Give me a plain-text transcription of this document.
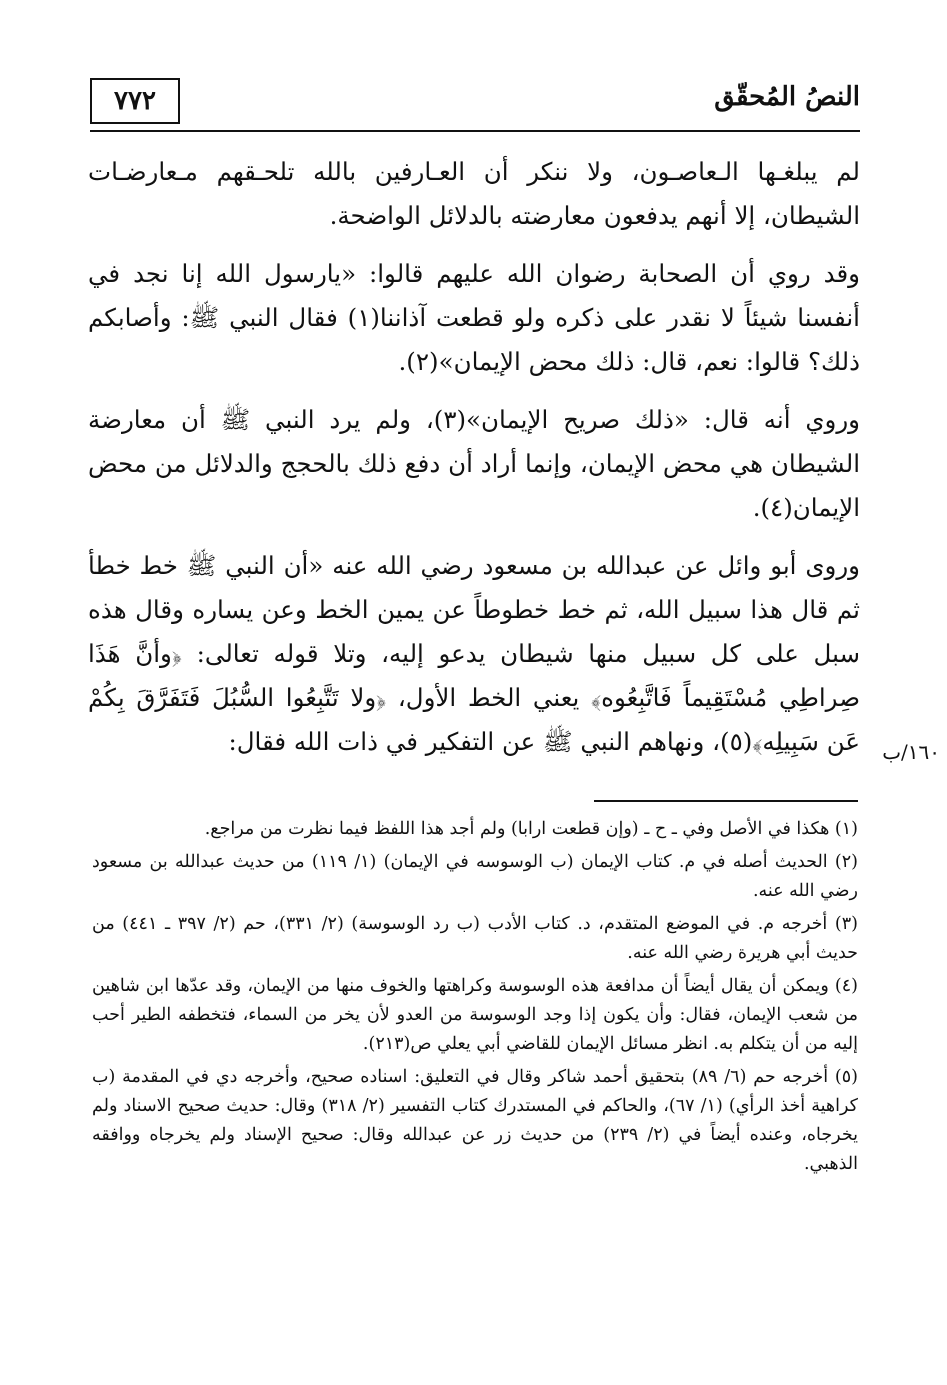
٧٧٢	النصُ المُحقّق

لم يبلغـها الـعاصـون، ولا ننكر أن العـارفين بالله تلحـقهم مـعارضـات الشيطان، إلا أنهم يدفعون معارضته بالدلائل الواضحة.

وقد روي أن الصحابة رضوان الله عليهم قالوا: «يارسول الله إنا نجد في أنفسنا شيئاً لا نقدر على ذكره ولو قطعت آذاننا(١) فقال النبي ﷺ: وأصابكم ذلك؟ قالوا: نعم، قال: ذلك محض الإيمان»(٢).

وروي أنه قال: «ذلك صريح الإيمان»(٣)، ولم يرد النبي ﷺ أن معارضة الشيطان هي محض الإيمان، وإنما أراد أن دفع ذلك بالحجج والدلائل من محض الإيمان(٤).

وروى أبو وائل عن عبدالله بن مسعود رضي الله عنه «أن النبي ﷺ خط خطأ ثم قال هذا سبيل الله، ثم خط خطوطاً عن يمين الخط وعن يساره وقال هذه سبل على كل سبيل منها شيطان يدعو إليه، وتلا قوله تعالى: ﴿وأنَّ هَذَا صِراطِي مُسْتَقِيماً فَاتَّبِعُوه﴾ يعني الخط الأول، ﴿ولا تَتَّبِعُوا السُّبُلَ فَتَفَرَّقَ بِكُمْ عَن سَبِيلِه﴾(٥)، ونهاهم النبي ﷺ عن التفكير في ذات الله فقال:	١٦٠/ب

(١) هكذا في الأصل وفي ـ ح ـ (وإن قطعت ارابا) ولم أجد هذا اللفظ فيما نظرت من مراجع.

(٢) الحديث أصله في م. كتاب الإيمان (ب الوسوسه في الإيمان) (١/ ١١٩) من حديث عبدالله بن مسعود رضي الله عنه.

(٣) أخرجه م. في الموضع المتقدم، د. كتاب الأدب (ب رد الوسوسة) (٢/ ٣٣١)، حم (٢/ ٣٩٧ ـ ٤٤١) من حديث أبي هريرة رضي الله عنه.

(٤) ويمكن أن يقال أيضاً أن مدافعة هذه الوسوسة وكراهتها والخوف منها من الإيمان، وقد عدّها ابن شاهين من شعب الإيمان، فقال: وأن يكون إذا وجد الوسوسة من العدو لأن يخر من السماء، فتخطفه الطير أحب إليه من أن يتكلم به. انظر مسائل الإيمان للقاضي أبي يعلي ص(٢١٣).

(٥) أخرجه حم (٦/ ٨٩) بتحقيق أحمد شاكر وقال في التعليق: اسناده صحيح، وأخرجه دي في المقدمة (ب كراهية أخذ الرأي) (١/ ٦٧)، والحاكم في المستدرك كتاب التفسير (٢/ ٣١٨) وقال: حديث صحيح الاسناد ولم يخرجاه، وعنده أيضاً في (٢/ ٢٣٩) من حديث زر عن عبدالله وقال: صحيح الإسناد ولم يخرجاه ووافقه الذهبي.
